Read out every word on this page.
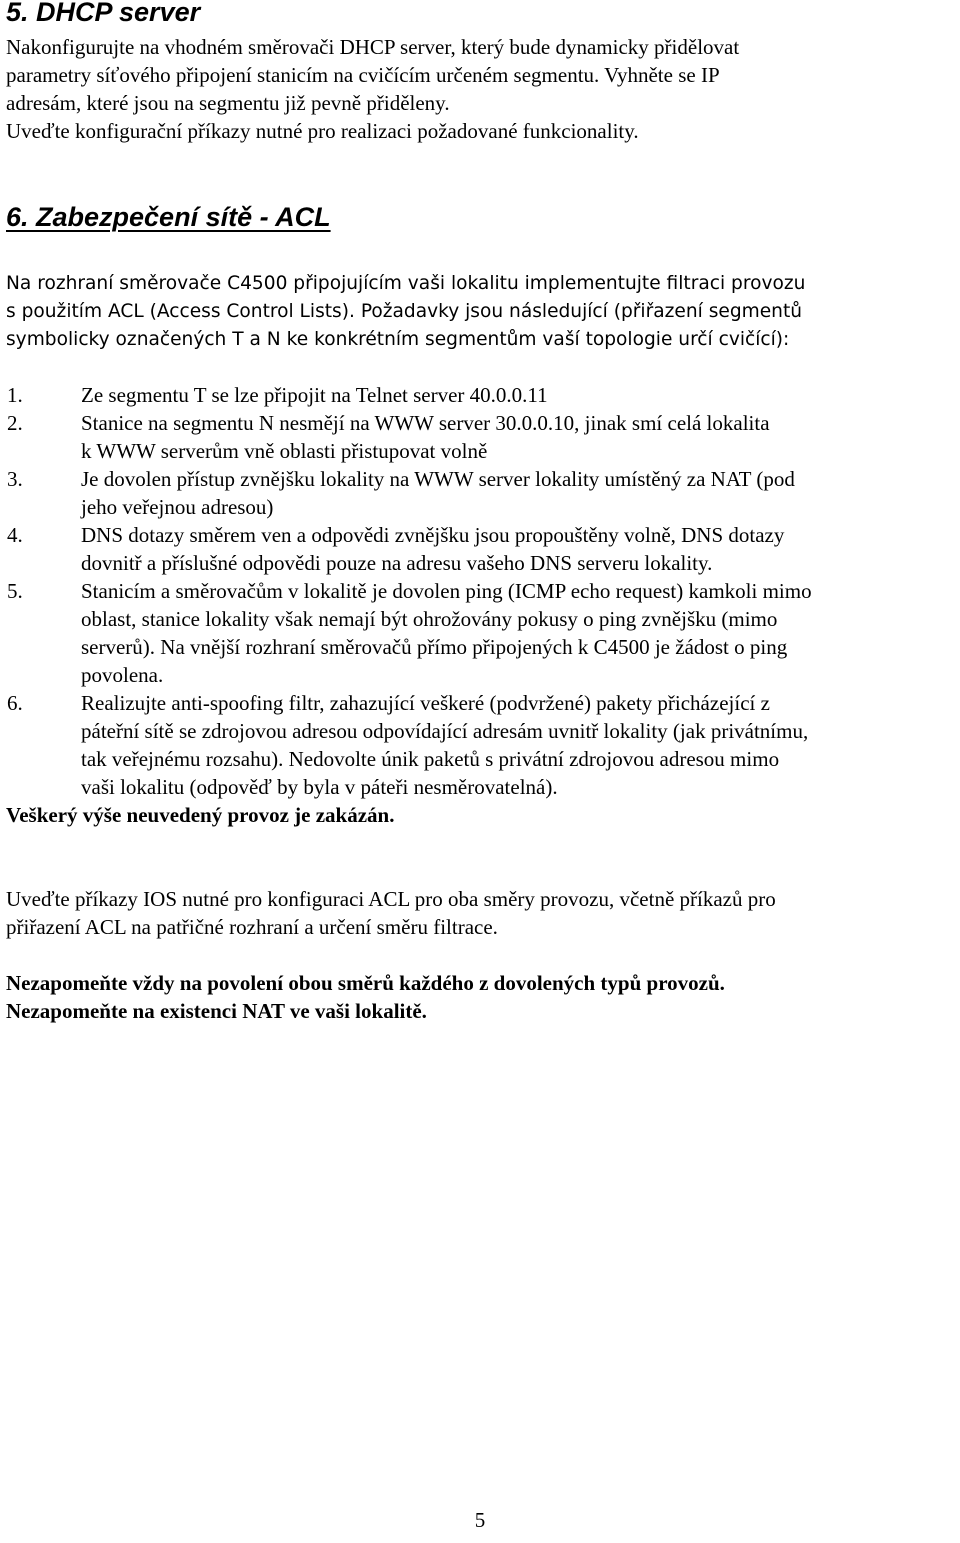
5. DHCP server
Nakonfigurujte na vhodném směrovači DHCP server, který bude dynamicky přidělovat
parametry síťového připojení stanicím na cvičícím určeném segmentu. Vyhněte se IP
adresám, které jsou na segmentu již pevně přiděleny.
Uveďte konfigurační příkazy nutné pro realizaci požadované funkcionality.
6. Zabezpečení sítě - ACL
Na rozhraní směrovače C4500 připojujícím vaši lokalitu implementujte filtraci provozu
s použitím ACL (Access Control Lists). Požadavky jsou následující (přiřazení segmentů
symbolicky označených T a N ke konkrétním segmentům vaší topologie určí cvičící):
1.	Ze segmentu T se lze připojit na Telnet server 40.0.0.11
2.	Stanice na segmentu N nesmějí na WWW server 30.0.0.10, jinak smí celá lokalita
k WWW serverům vně oblasti přistupovat volně
3.	Je dovolen přístup zvnějšku lokality na WWW server lokality umístěný za NAT (pod
jeho veřejnou adresou)
4.	DNS dotazy směrem ven a odpovědi zvnějšku jsou propouštěny volně, DNS dotazy
dovnitř a příslušné odpovědi pouze na adresu vašeho DNS serveru lokality.
5.	Stanicím a směrovačům v lokalitě je dovolen ping (ICMP echo request) kamkoli mimo
oblast, stanice lokality však nemají být ohrožovány pokusy o ping zvnějšku (mimo
serverů). Na vnější rozhraní směrovačů přímo připojených k C4500 je žádost o ping
povolena.
6.	Realizujte anti-spoofing filtr, zahazující veškeré (podvržené) pakety přicházející z
páteřní sítě se zdrojovou adresou odpovídající adresám uvnitř lokality (jak privátnímu,
tak veřejnému rozsahu). Nedovolte únik paketů s privátní zdrojovou adresou mimo
vaši lokalitu (odpověď by byla v páteři nesměrovatelná).
Veškerý výše neuvedený provoz je zakázán.
Uveďte příkazy IOS nutné pro konfiguraci ACL pro oba směry provozu, včetně příkazů pro
přiřazení ACL na patřičné rozhraní a určení směru filtrace.
Nezapomeňte vždy na povolení obou směrů každého z dovolených typů provozů.
Nezapomeňte na existenci NAT ve vaši lokalitě.

5
